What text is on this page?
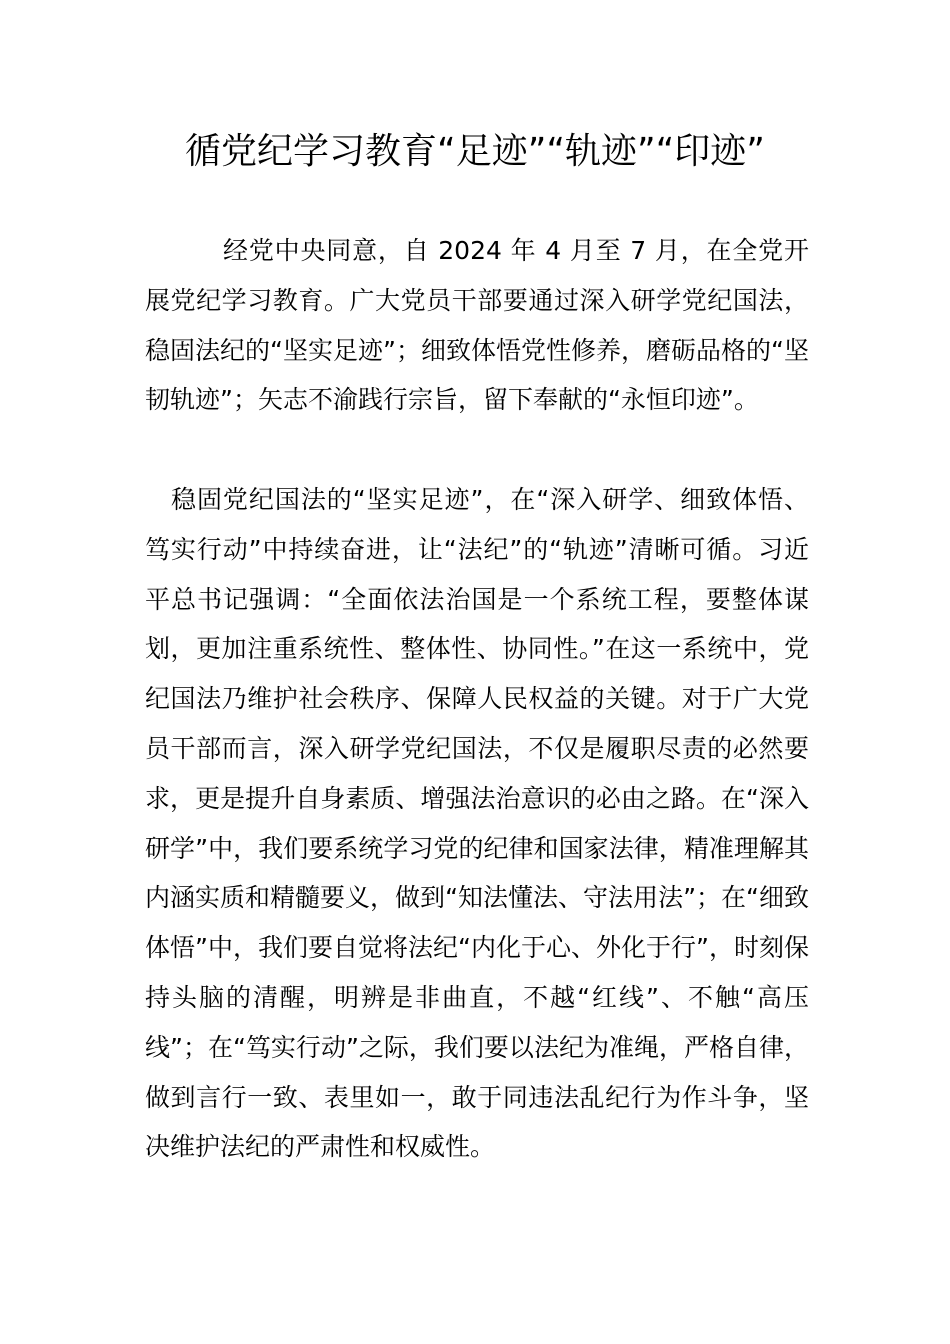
循党纪学习教育“足迹”“轨迹”“印迹”

经党中央同意，自 2024 年 4 月至 7 月，在全党开展党纪学习教育。广大党员干部要通过深入研学党纪国法，稳固法纪的“坚实足迹”；细致体悟党性修养，磨砺品格的“坚韧轨迹”；矢志不渝践行宗旨，留下奉献的“永恒印迹”。

稳固党纪国法的“坚实足迹”，在“深入研学、细致体悟、笃实行动”中持续奋进，让“法纪”的“轨迹”清晰可循。习近平总书记强调：“全面依法治国是一个系统工程，要整体谋划，更加注重系统性、整体性、协同性。”在这一系统中，党纪国法乃维护社会秩序、保障人民权益的关键。对于广大党员干部而言，深入研学党纪国法，不仅是履职尽责的必然要求，更是提升自身素质、增强法治意识的必由之路。在“深入研学”中，我们要系统学习党的纪律和国家法律，精准理解其内涵实质和精髓要义，做到“知法懂法、守法用法”；在“细致体悟”中，我们要自觉将法纪“内化于心、外化于行”，时刻保持头脑的清醒，明辨是非曲直，不越“红线”、不触“高压线”；在“笃实行动”之际，我们要以法纪为准绳，严格自律，做到言行一致、表里如一，敢于同违法乱纪行为作斗争，坚决维护法纪的严肃性和权威性。
